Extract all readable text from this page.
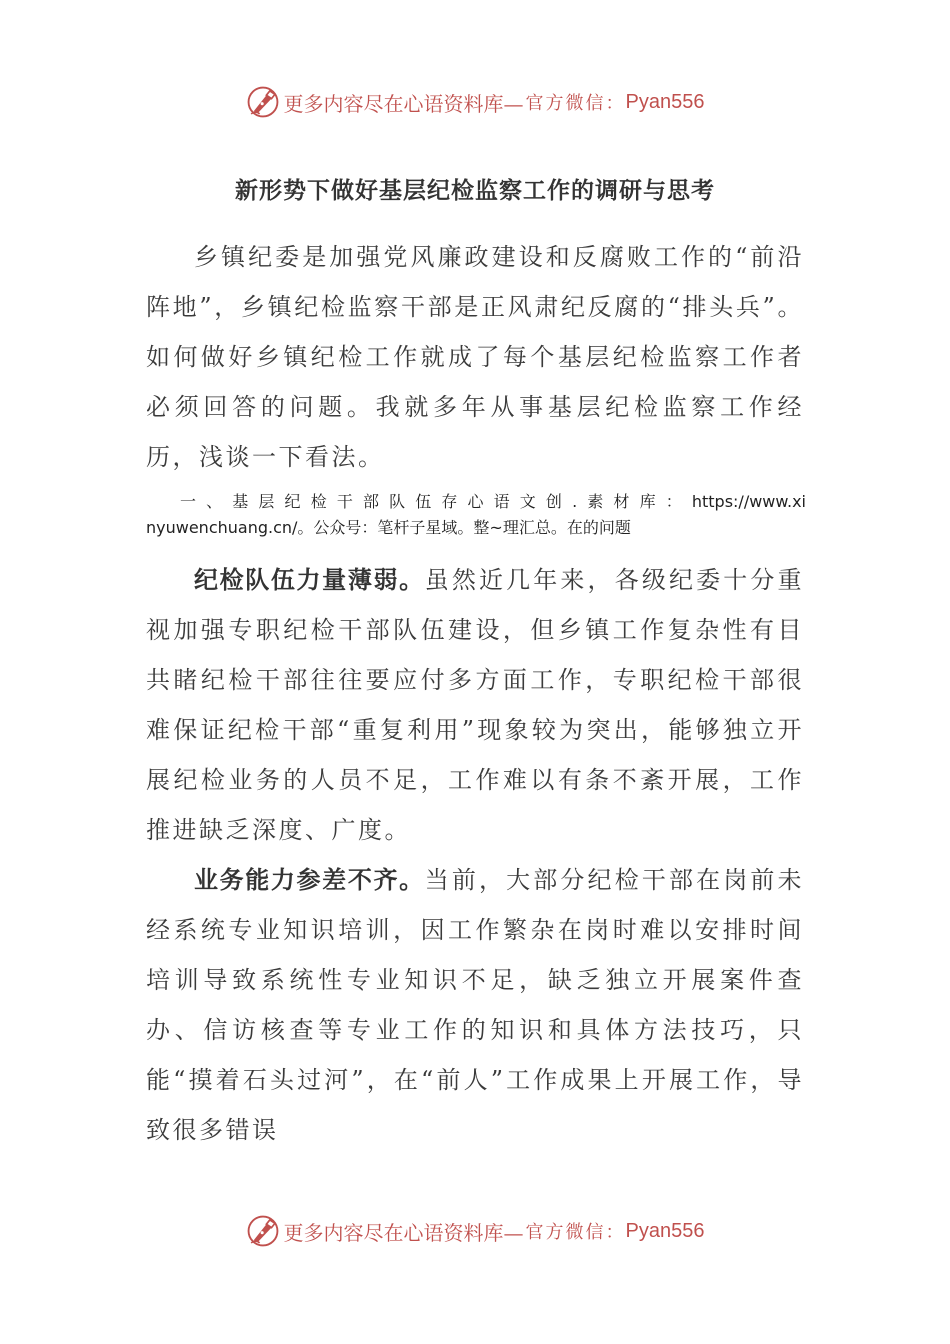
更多内容尽在心语资料库— 官方微信： Pyan556
新形势下做好基层纪检监察工作的调研与思考
乡镇纪委是加强党风廉政建设和反腐败工作的“前沿阵地”，乡镇纪检监察干部是正风肃纪反腐的“排头兵”。如何做好乡镇纪检工作就成了每个基层纪检监察工作者必须回答的问题。我就多年从事基层纪检监察工作经历，浅谈一下看法。
一、基层纪检干部队伍存心语文创.素材库：https://www.xinyuwenchuang.cn/。公众号：笔杆子星域。整~理汇总。在的问题
纪检队伍力量薄弱。虽然近几年来，各级纪委十分重视加强专职纪检干部队伍建设，但乡镇工作复杂性有目共睹纪检干部往往要应付多方面工作，专职纪检干部很难保证纪检干部“重复利用”现象较为突出，能够独立开展纪检业务的人员不足，工作难以有条不紊开展，工作推进缺乏深度、广度。
业务能力参差不齐。当前，大部分纪检干部在岗前未经系统专业知识培训，因工作繁杂在岗时难以安排时间培训导致系统性专业知识不足，缺乏独立开展案件查办、信访核查等专业工作的知识和具体方法技巧，只能“摸着石头过河”，在“前人”工作成果上开展工作，导致很多错误
更多内容尽在心语资料库— 官方微信： Pyan556
